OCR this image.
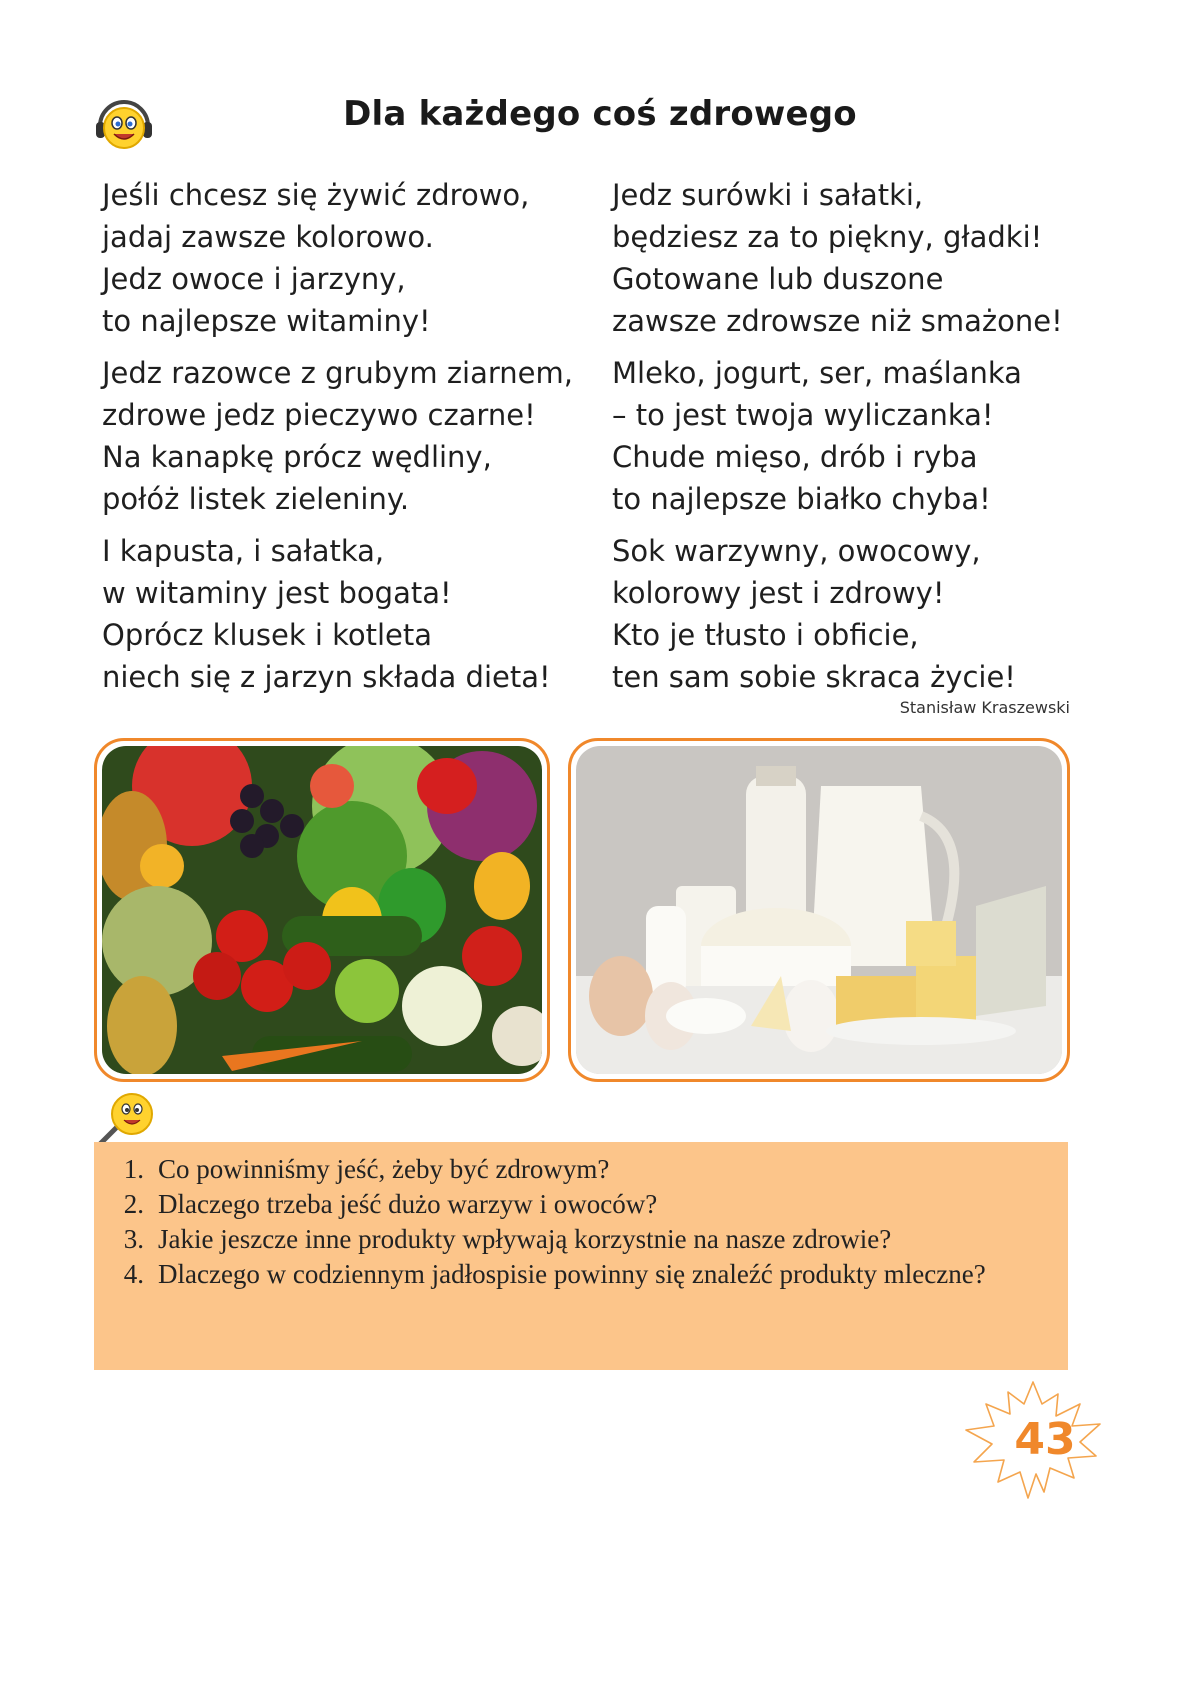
Dla każdego coś zdrowego
Jeśli chcesz się żywić zdrowo,
jadaj zawsze kolorowo.
Jedz owoce i jarzyny,
to najlepsze witaminy!
Jedz razowce z grubym ziarnem,
zdrowe jedz pieczywo czarne!
Na kanapkę prócz wędliny,
połóż listek zieleniny.
I kapusta, i sałatka,
w witaminy jest bogata!
Oprócz klusek i kotleta
niech się z jarzyn składa dieta!
Jedz surówki i sałatki,
będziesz za to piękny, gładki!
Gotowane lub duszone
zawsze zdrowsze niż smażone!
Mleko, jogurt, ser, maślanka
– to jest twoja wyliczanka!
Chude mięso, drób i ryba
to najlepsze białko chyba!
Sok warzywny, owocowy,
kolorowy jest i zdrowy!
Kto je tłusto i obficie,
ten sam sobie skraca życie!
Stanisław Kraszewski
1. Co powinniśmy jeść, żeby być zdrowym?
2. Dlaczego trzeba jeść dużo warzyw i owoców?
3. Jakie jeszcze inne produkty wpływają korzystnie na nasze zdrowie?
4. Dlaczego w codziennym jadłospisie powinny się znaleźć produkty mleczne?
43
